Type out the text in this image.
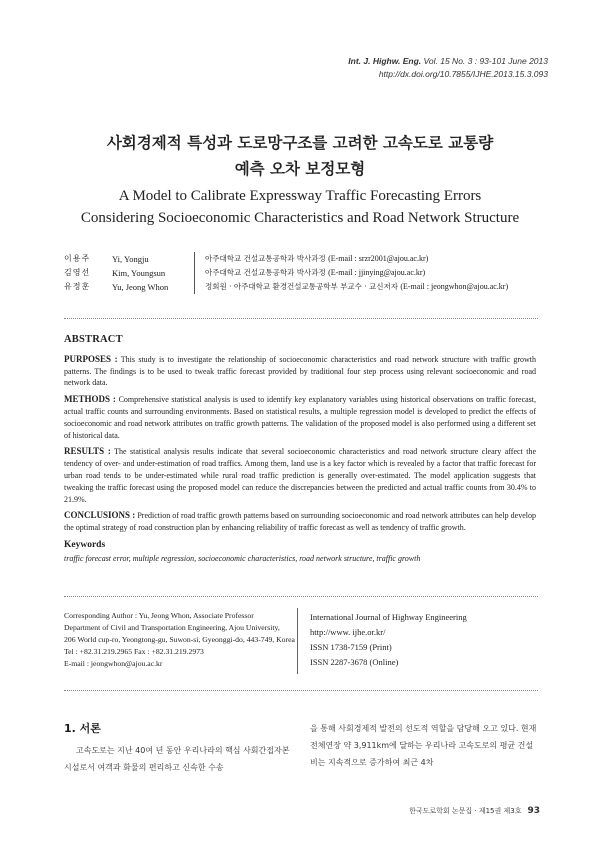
Int. J. Highw. Eng. Vol. 15 No. 3 : 93-101 June 2013
http://dx.doi.org/10.7855/IJHE.2013.15.3.093
사회경제적 특성과 도로망구조를 고려한 고속도로 교통량
예측 오차 보정모형
A Model to Calibrate Expressway Traffic Forecasting Errors
Considering Socioeconomic Characteristics and Road Network Structure
이용주	Yi, Yongju	아주대학교 건설교통공학과 박사과정 (E-mail : srzr2001@ajou.ac.kr)
김영선	Kim, Youngsun	아주대학교 건설교통공학과 박사과정 (E-mail : jjinying@ajou.ac.kr)
유정훈	Yu, Jeong Whon	정회원 · 아주대학교 환경건설교통공학부 부교수 · 교신저자 (E-mail : jeongwhon@ajou.ac.kr)
ABSTRACT

PURPOSES : This study is to investigate the relationship of socioeconomic characteristics and road network structure with traffic growth patterns. The findings is to be used to tweak traffic forecast provided by traditional four step process using relevant socioeconomic and road network data.

METHODS : Comprehensive statistical analysis is used to identify key explanatory variables using historical observations on traffic forecast, actual traffic counts and surrounding environments. Based on statistical results, a multiple regression model is developed to predict the effects of socioeconomic and road network attributes on traffic growth patterns. The validation of the proposed model is also performed using a different set of historical data.

RESULTS : The statistical analysis results indicate that several socioeconomic characteristics and road network structure cleary affect the tendency of over- and under-estimation of road traffics. Among them, land use is a key factor which is revealed by a factor that traffic forecast for urban road tends to be under-estimated while rural road traffic prediction is generally over-estimated. The model application suggests that tweaking the traffic forecast using the proposed model can reduce the discrepancies between the predicted and actual traffic counts from 30.4% to 21.9%.

CONCLUSIONS : Prediction of road traffic growth patterns based on surrounding socioeconomic and road network attributes can help develop the optimal strategy of road construction plan by enhancing reliability of traffic forecast as well as tendency of traffic growth.

Keywords
traffic forecast error, multiple regression, socioeconomic characteristics, road network structure, traffic growth
Corresponding Author : Yu, Jeong Whon, Associate Professor
Department of Civil and Transportation Engineering, Ajou University,
206 World cup-ro, Yeongtong-gu, Suwon-si, Gyeonggi-do, 443-749, Korea
Tel : +82.31.219.2965 Fax : +82.31.219.2973
E-mail : jeongwhon@ajou.ac.kr
International Journal of Highway Engineering
http://www. ijhe.or.kr/
ISSN 1738-7159 (Print)
ISSN 2287-3678 (Online)
1. 서론
고속도로는 지난 40여 년 동안 우리나라의 핵심 사회간접자본시설로서 여객과 화물의 편리하고 신속한 수송
을 통해 사회경제적 발전의 선도적 역할을 담당해 오고 있다. 현재 전체연장 약 3,911km에 달하는 우리나라 고속도로의 평균 건설비는 지속적으로 증가하여 최근 4차
한국도로학회 논문집 · 제15권 제3호 93
